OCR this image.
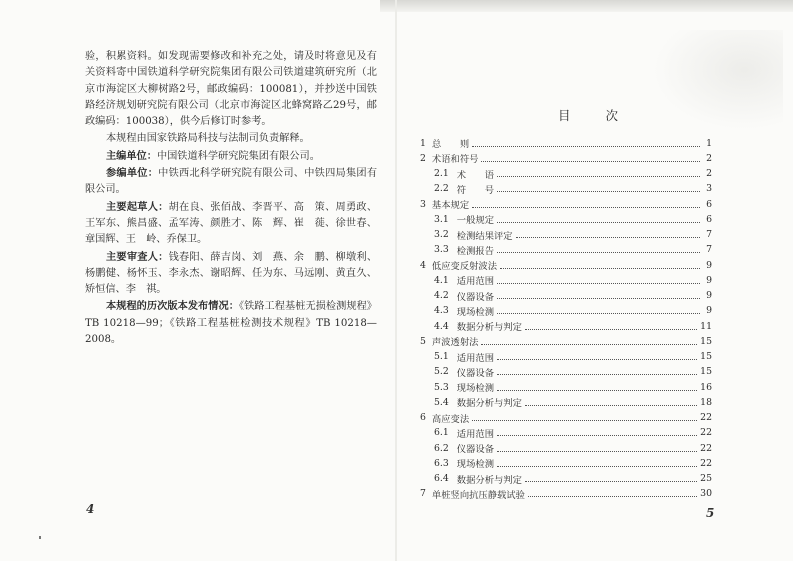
验，积累资料。如发现需要修改和补充之处，请及时将意见及有关资料寄中国铁道科学研究院集团有限公司铁道建筑研究所（北京市海淀区大柳树路2号，邮政编码：100081），并抄送中国铁路经济规划研究院有限公司（北京市海淀区北蜂窝路乙29号，邮政编码：100038），供今后修订时参考。

本规程由国家铁路局科技与法制司负责解释。

主编单位：中国铁道科学研究院集团有限公司。

参编单位：中铁西北科学研究院有限公司、中铁四局集团有限公司。

主要起草人：胡在良、张佰战、李晋平、高　策、周勇政、王军东、熊昌盛、孟军涛、颜胜才、陈　辉、崔　蓰、徐世春、章国辉、王　岭、乔保卫。

主要审查人：钱春阳、薛吉岗、刘　燕、余　鹏、柳墩利、杨鹏健、杨怀玉、李永杰、谢昭辉、任为东、马远刚、黄直久、矫恒信、李　祺。

本规程的历次版本发布情况：《铁路工程基桩无损检测规程》TB 10218—99；《铁路工程基桩检测技术规程》TB 10218—2008。

4
目	次
1 总　　则	1
2 术语和符号	2
2.1 术　　语	2
2.2 符　　号	3
3 基本规定	6
3.1 一般规定	6
3.2 检测结果评定	7
3.3 检测报告	7
4 低应变反射波法	9
4.1 适用范围	9
4.2 仪器设备	9
4.3 现场检测	9
4.4 数据分析与判定	11
5 声波透射法	15
5.1 适用范围	15
5.2 仪器设备	15
5.3 现场检测	16
5.4 数据分析与判定	18
6 高应变法	22
6.1 适用范围	22
6.2 仪器设备	22
6.3 现场检测	22
6.4 数据分析与判定	25
7 单桩竖向抗压静载试验	30
5
